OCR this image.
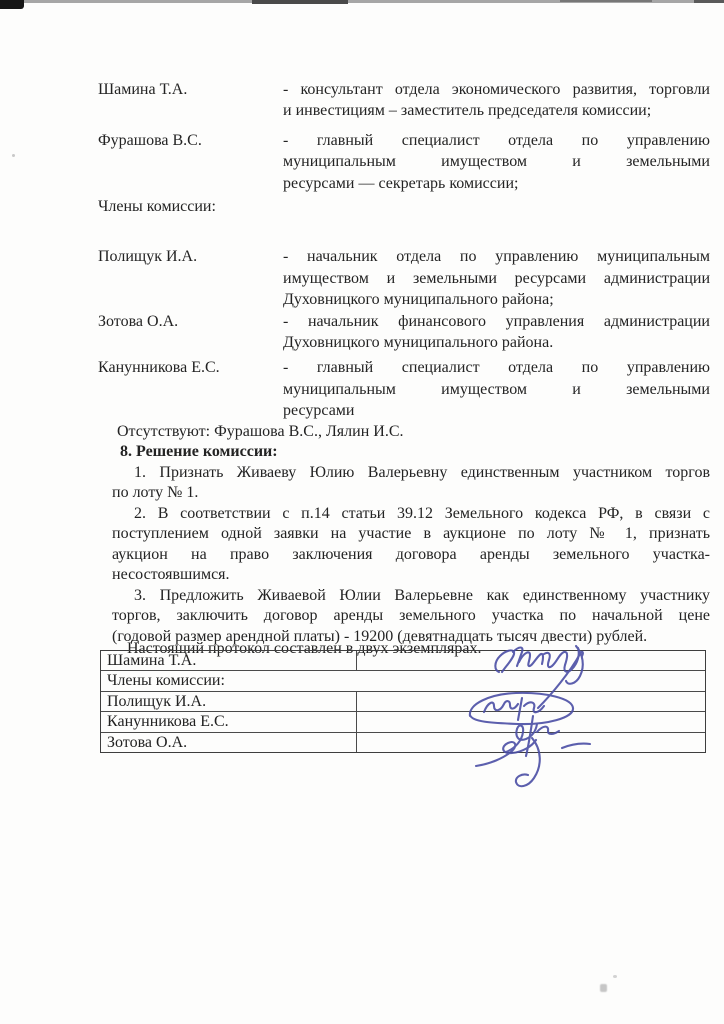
Шамина Т.А.	- консультант отдела экономического развития, торговли
и инвестициям – заместитель председателя комиссии;
Фурашова В.С.	- главный специалист отдела по управлению
муниципальным имуществом и земельными
ресурсами — секретарь комиссии;
Члены комиссии:
Полищук И.А.	- начальник отдела по управлению муниципальным
имуществом и земельными ресурсами администрации
Духовницкого муниципального района;
Зотова О.А.	- начальник финансового управления администрации
Духовницкого муниципального района.
Канунникова Е.С.	- главный специалист отдела по управлению
муниципальным имуществом и земельными
ресурсами
Отсутствуют: Фурашова В.С., Лялин И.С.
8. Решение комиссии:
1. Признать Живаеву Юлию Валерьевну единственным участником торгов
по лоту № 1.
2. В соответствии с п.14 статьи 39.12 Земельного кодекса РФ, в связи с
поступлением одной заявки на участие в аукционе по лоту № 1, признать
аукцион на право заключения договора аренды земельного участка-
несостоявшимся.
3. Предложить Живаевой Юлии Валерьевне как единственному участнику
торгов, заключить договор аренды земельного участка по начальной цене
(годовой размер арендной платы) - 19200 (девятнадцать тысяч двести) рублей.
Настоящий протокол составлен в двух экземплярах.
Шамина Т.А.
Члены комиссии:
Полищук И.А.
Канунникова Е.С.
Зотова О.А.
